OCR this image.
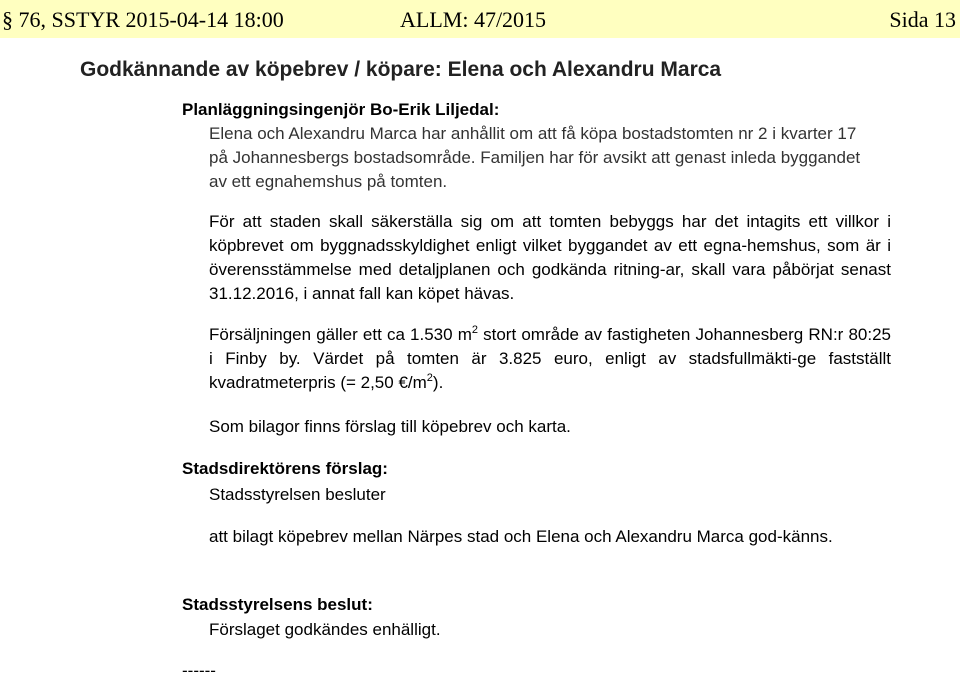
§ 76, SSTYR 2015-04-14 18:00	ALLM: 47/2015	Sida 13
Godkännande av köpebrev / köpare: Elena och Alexandru Marca

Planläggningsingenjör Bo-Erik Liljedal:

Elena och Alexandru Marca har anhållit om att få köpa bostadstomten nr 2 i kvarter 17 på Johannesbergs bostadsområde. Familjen har för avsikt att genast inleda byggandet av ett egnahemshus på tomten.

För att staden skall säkerställa sig om att tomten bebyggs har det intagits ett villkor i köpbrevet om byggnadsskyldighet enligt vilket byggandet av ett egna-hemshus, som är i överensstämmelse med detaljplanen och godkända ritning-ar, skall vara påbörjat senast 31.12.2016, i annat fall kan köpet hävas.

Försäljningen gäller ett ca 1.530 $m^2$ stort område av fastigheten Johannesberg RN:r 80:25 i Finby by. Värdet på tomten är 3.825 euro, enligt av stadsfullmäkti-ge fastställt kvadratmeterpris (= 2,50 $€/m^2$).

Som bilagor finns förslag till köpebrev och karta.

Stadsdirektörens förslag:

Stadsstyrelsen besluter

att bilagt köpebrev mellan Närpes stad och Elena och Alexandru Marca god-känns.

Stadsstyrelsens beslut:

Förslaget godkändes enhälligt.

------
